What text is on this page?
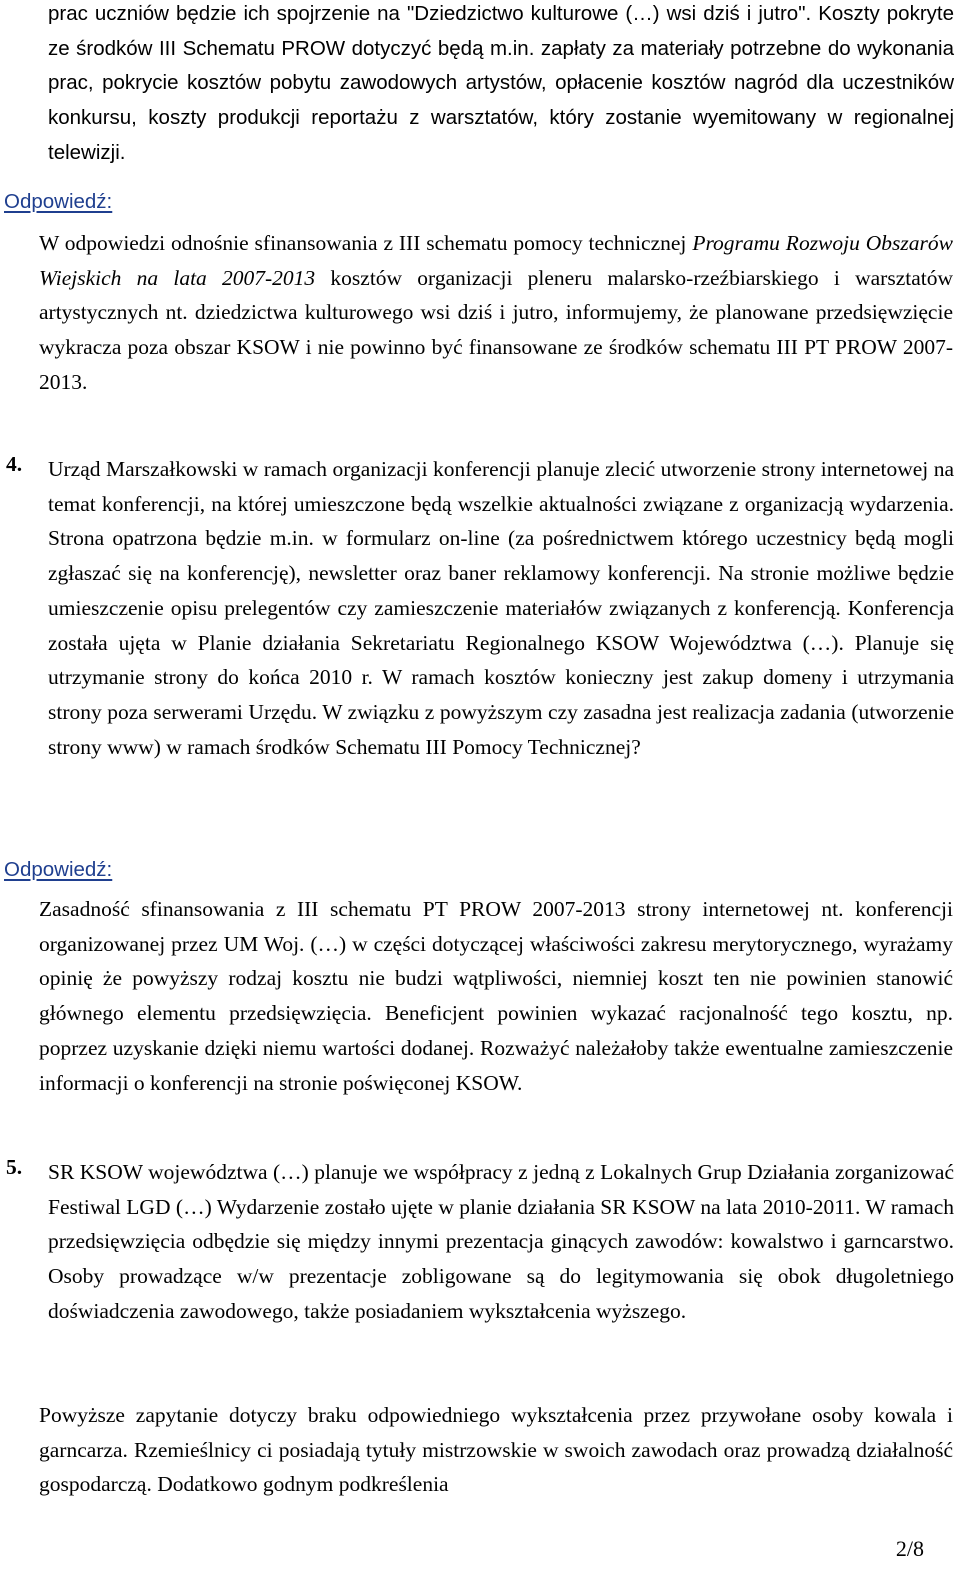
prac uczniów będzie ich spojrzenie na "Dziedzictwo kulturowe (…) wsi dziś i jutro". Koszty pokryte ze środków III Schematu PROW dotyczyć będą m.in. zapłaty za materiały potrzebne do wykonania prac, pokrycie kosztów pobytu zawodowych artystów, opłacenie kosztów nagród dla uczestników konkursu, koszty produkcji reportażu z warsztatów, który zostanie wyemitowany w regionalnej telewizji.

Odpowiedź:

W odpowiedzi odnośnie sfinansowania z III schematu pomocy technicznej Programu Rozwoju Obszarów Wiejskich na lata 2007-2013 kosztów organizacji pleneru malarsko-rzeźbiarskiego i warsztatów artystycznych nt. dziedzictwa kulturowego wsi dziś i jutro, informujemy, że planowane przedsięwzięcie wykracza poza obszar KSOW i nie powinno być finansowane ze środków schematu III PT PROW 2007-2013.

4. Urząd Marszałkowski w ramach organizacji konferencji planuje zlecić utworzenie strony internetowej na temat konferencji, na której umieszczone będą wszelkie aktualności związane z organizacją wydarzenia. Strona opatrzona będzie m.in. w formularz on-line (za pośrednictwem którego uczestnicy będą mogli zgłaszać się na konferencję), newsletter oraz baner reklamowy konferencji. Na stronie możliwe będzie umieszczenie opisu prelegentów czy zamieszczenie materiałów związanych z konferencją. Konferencja została ujęta w Planie działania Sekretariatu Regionalnego KSOW Województwa (…). Planuje się utrzymanie strony do końca 2010 r. W ramach kosztów konieczny jest zakup domeny i utrzymania strony poza serwerami Urzędu. W związku z powyższym czy zasadna jest realizacja zadania (utworzenie strony www) w ramach środków Schematu III Pomocy Technicznej?

Odpowiedź:

Zasadność sfinansowania z III schematu PT PROW 2007-2013 strony internetowej nt. konferencji organizowanej przez UM Woj. (…) w części dotyczącej właściwości zakresu merytorycznego, wyrażamy opinię że powyższy rodzaj kosztu nie budzi wątpliwości, niemniej koszt ten nie powinien stanowić głównego elementu przedsięwzięcia. Beneficjent powinien wykazać racjonalność tego kosztu, np. poprzez uzyskanie dzięki niemu wartości dodanej. Rozważyć należałoby także ewentualne zamieszczenie informacji o konferencji na stronie poświęconej KSOW.

5. SR KSOW województwa (…) planuje we współpracy z jedną z Lokalnych Grup Działania zorganizować Festiwal LGD (…) Wydarzenie zostało ujęte w planie działania SR KSOW na lata 2010-2011. W ramach przedsięwzięcia odbędzie się między innymi prezentacja ginących zawodów: kowalstwo i garncarstwo. Osoby prowadzące w/w prezentacje zobligowane są do legitymowania się obok długoletniego doświadczenia zawodowego, także posiadaniem wykształcenia wyższego.

Powyższe zapytanie dotyczy braku odpowiedniego wykształcenia przez przywołane osoby kowala i garncarza. Rzemieślnicy ci posiadają tytuły mistrzowskie w swoich zawodach oraz prowadzą działalność gospodarczą. Dodatkowo godnym podkreślenia

2/8
